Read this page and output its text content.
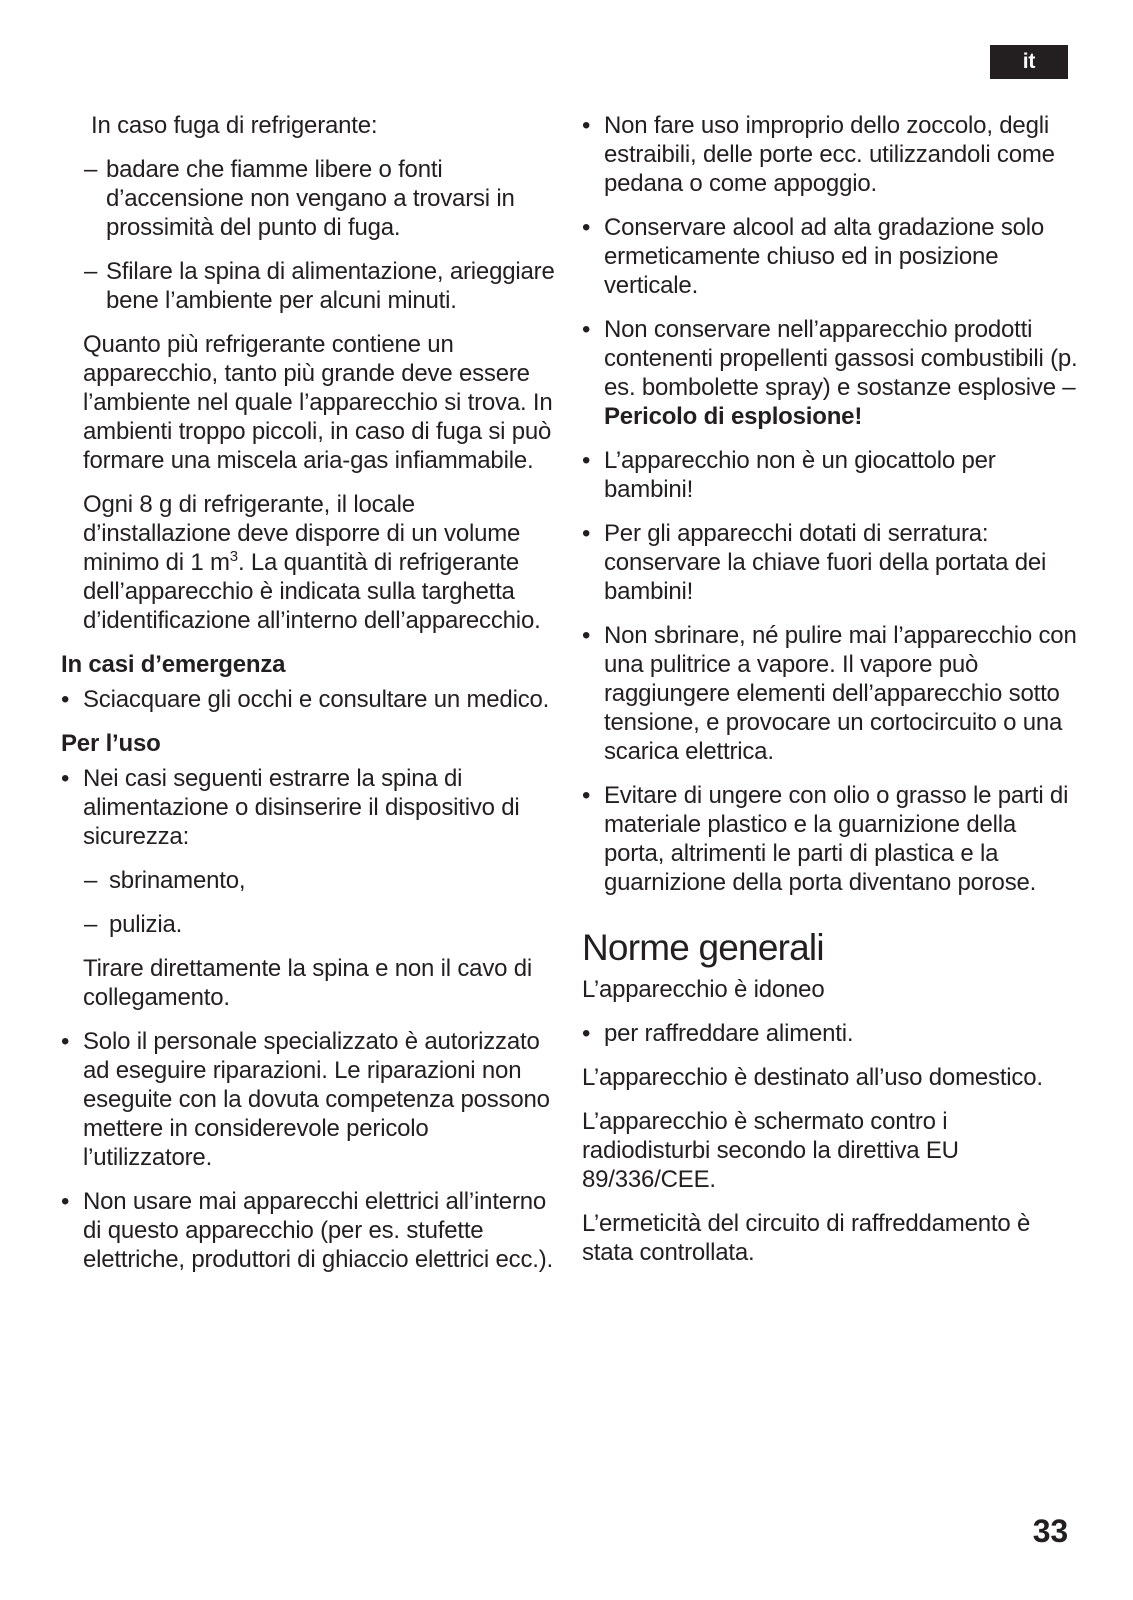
it

In caso fuga di refrigerante:

– badare che fiamme libere o fonti d’accensione non vengano a trovarsi in prossimità del punto di fuga.
– Sfilare la spina di alimentazione, arieggiare bene l’ambiente per alcuni minuti.

Quanto più refrigerante contiene un apparecchio, tanto più grande deve essere l’ambiente nel quale l’apparecchio si trova. In ambienti troppo piccoli, in caso di fuga si può formare una miscela aria-gas infiammabile.

Ogni 8 g di refrigerante, il locale d’installazione deve disporre di un volume minimo di 1 $m^3$. La quantità di refrigerante dell’apparecchio è indicata sulla targhetta d’identificazione all’interno dell’apparecchio.

In casi d’emergenza
• Sciacquare gli occhi e consultare un medico.
Per l’uso
• Nei casi seguenti estrarre la spina di alimentazione o disinserire il dispositivo di sicurezza:
– sbrinamento,
– pulizia.

Tirare direttamente la spina e non il cavo di collegamento.

• Solo il personale specializzato è autorizzato ad eseguire riparazioni. Le riparazioni non eseguite con la dovuta competenza possono mettere in considerevole pericolo l’utilizzatore.
• Non usare mai apparecchi elettrici all’interno di questo apparecchio (per es. stufette elettriche, produttori di ghiaccio elettrici ecc.).
• Non fare uso improprio dello zoccolo, degli estraibili, delle porte ecc. utilizzandoli come pedana o come appoggio.
• Conservare alcool ad alta gradazione solo ermeticamente chiuso ed in posizione verticale.
• Non conservare nell’apparecchio prodotti contenenti propellenti gassosi combustibili (p. es. bombolette spray) e sostanze esplosive – Pericolo di esplosione!
• L’apparecchio non è un giocattolo per bambini!
• Per gli apparecchi dotati di serratura: conservare la chiave fuori della portata dei bambini!
• Non sbrinare, né pulire mai l’apparecchio con una pulitrice a vapore. Il vapore può raggiungere elementi dell’apparecchio sotto tensione, e provocare un cortocircuito o una scarica elettrica.
• Evitare di ungere con olio o grasso le parti di materiale plastico e la guarnizione della porta, altrimenti le parti di plastica e la guarnizione della porta diventano porose.
Norme generali

L’apparecchio è idoneo

• per raffreddare alimenti.

L’apparecchio è destinato all’uso domestico.

L’apparecchio è schermato contro i radiodisturbi secondo la direttiva EU 89/336/CEE.

L’ermeticità del circuito di raffreddamento è stata controllata.

33
